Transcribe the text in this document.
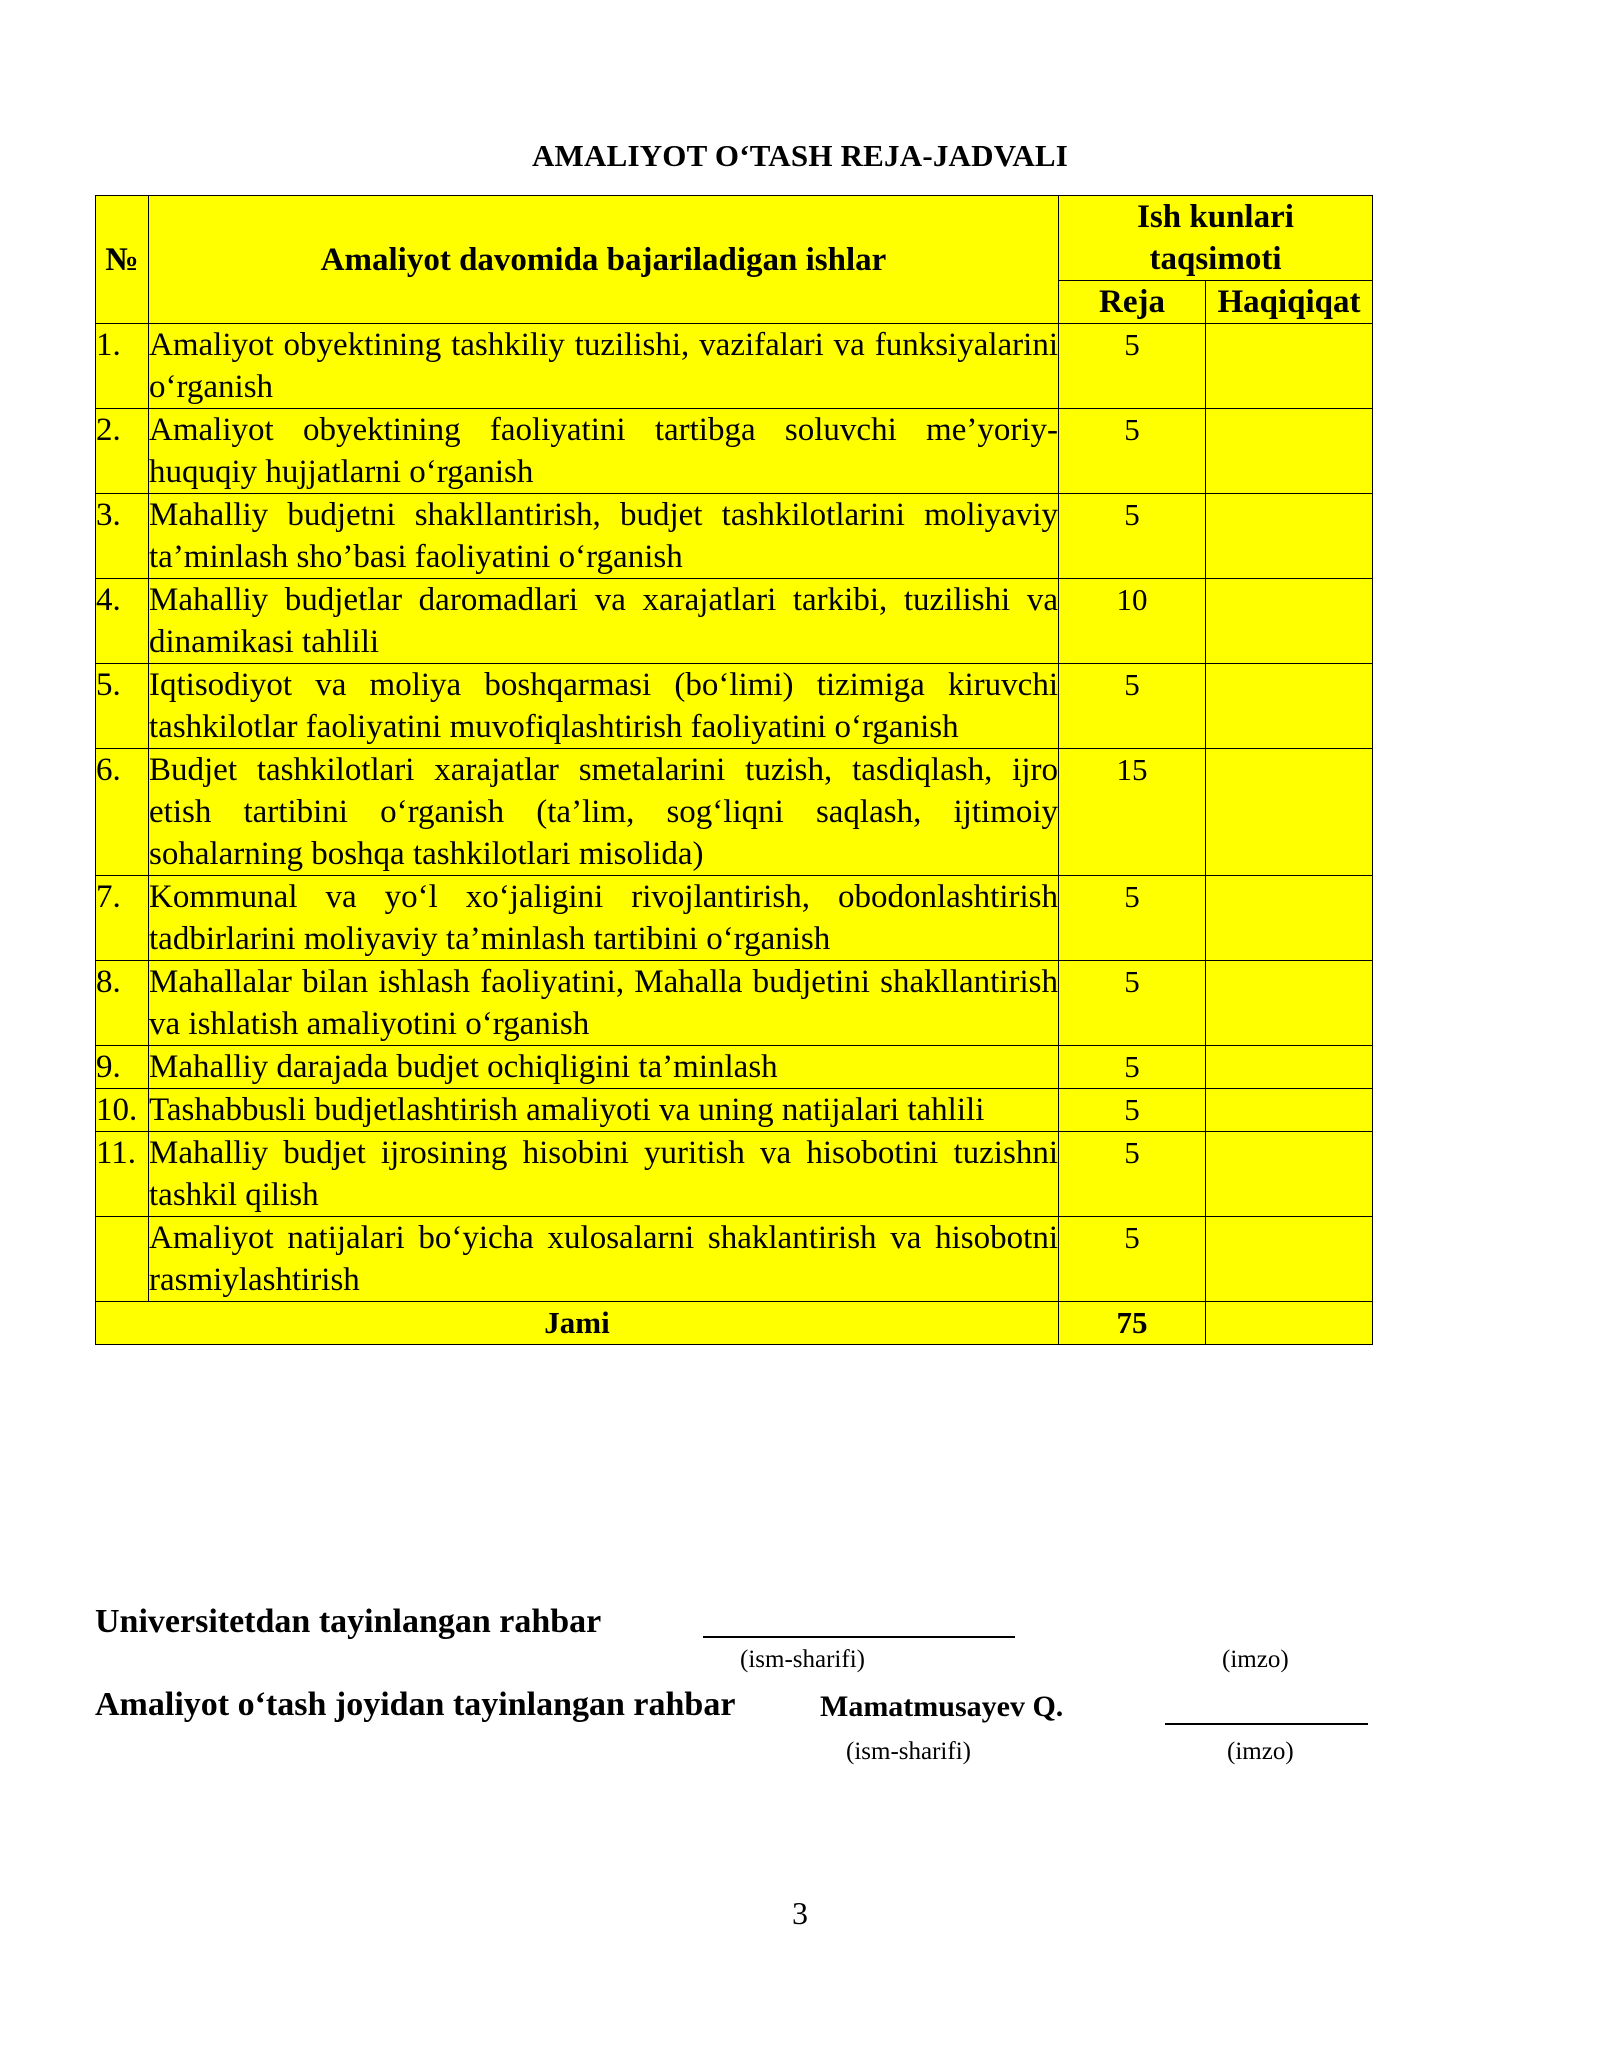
AMALIYOT O‘TASH REJA-JADVALI
№	Amaliyot davomida bajariladigan ishlar	Ish kunlari taqsimoti	
		Reja	Haqiqiqat
1.	Amaliyot obyektining tashkiliy tuzilishi, vazifalari va funksiyalarini o‘rganish	5	
2.	Amaliyot obyektining faoliyatini tartibga soluvchi me’yoriy-huquqiy hujjatlarni o‘rganish	5	
3.	Mahalliy budjetni shakllantirish, budjet tashkilotlarini moliyaviy ta’minlash sho’basi faoliyatini o‘rganish	5	
4.	Mahalliy budjetlar daromadlari va xarajatlari tarkibi, tuzilishi va dinamikasi tahlili	10	
5.	Iqtisodiyot va moliya boshqarmasi (bo‘limi) tizimiga kiruvchi tashkilotlar faoliyatini muvofiqlashtirish faoliyatini o‘rganish	5	
6.	Budjet tashkilotlari xarajatlar smetalarini tuzish, tasdiqlash, ijro etish tartibini o‘rganish (ta’lim, sog‘liqni saqlash, ijtimoiy sohalarning boshqa tashkilotlari misolida)	15	
7.	Kommunal va yo‘l xo‘jaligini rivojlantirish, obodonlashtirish tadbirlarini moliyaviy ta’minlash tartibini o‘rganish	5	
8.	Mahallalar bilan ishlash faoliyatini, Mahalla budjetini shakllantirish va ishlatish amaliyotini o‘rganish	5	
9.	Mahalliy darajada budjet ochiqligini ta’minlash	5	
10.	Tashabbusli budjetlashtirish amaliyoti va uning natijalari tahlili	5	
11.	Mahalliy budjet ijrosining hisobini yuritish va hisobotini tuzishni tashkil qilish	5	
	Amaliyot natijalari bo‘yicha xulosalarni shaklantirish va hisobotni rasmiylashtirish	5	
Jami		75	
Universitetdan tayinlangan rahbar
(ism-sharifi)	(imzo)
Amaliyot o‘tash joyidan tayinlangan rahbar	Mamatmusayev Q.
(ism-sharifi)	(imzo)
3
